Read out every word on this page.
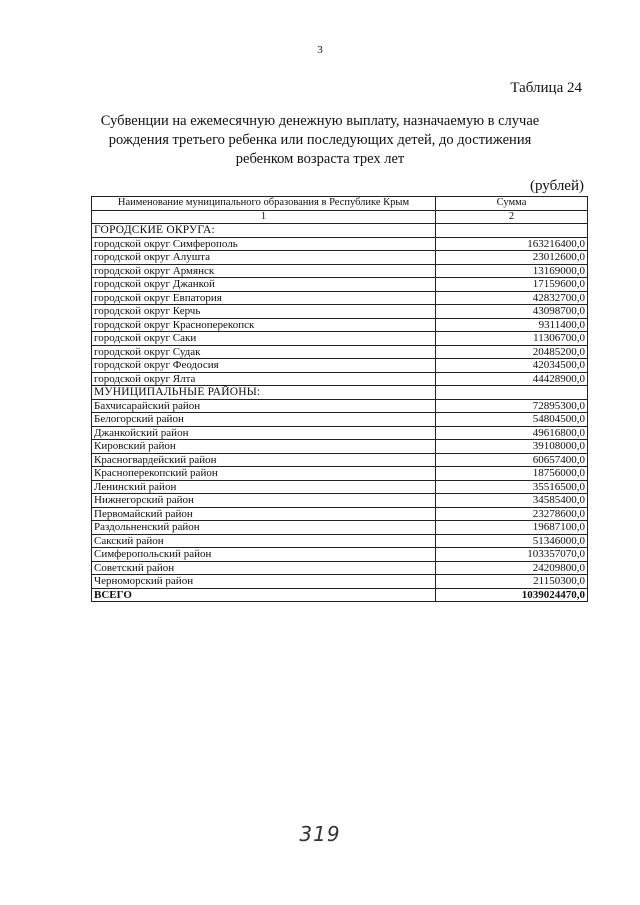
3
Таблица 24
Субвенции на ежемесячную денежную выплату, назначаемую в случае
рождения третьего ребенка или последующих детей, до достижения
ребенком возраста трех лет
(рублей)
Наименование муниципального образования в Республике Крым	Сумма
1	2
ГОРОДСКИЕ ОКРУГА:	
городской округ Симферополь	163216400,0
городской округ Алушта	23012600,0
городской округ Армянск	13169000,0
городской округ Джанкой	17159600,0
городской округ Евпатория	42832700,0
городской округ Керчь	43098700,0
городской округ Красноперекопск	9311400,0
городской округ Саки	11306700,0
городской округ Судак	20485200,0
городской округ Феодосия	42034500,0
городской округ Ялта	44428900,0
МУНИЦИПАЛЬНЫЕ РАЙОНЫ:	
Бахчисарайский район	72895300,0
Белогорский район	54804500,0
Джанкойский район	49616800,0
Кировский район	39108000,0
Красногвардейский район	60657400,0
Красноперекопский район	18756000,0
Ленинский район	35516500,0
Нижнегорский район	34585400,0
Первомайский район	23278600,0
Раздольненский район	19687100,0
Сакский район	51346000,0
Симферопольский район	103357070,0
Советский район	24209800,0
Черноморский район	21150300,0
ВСЕГО	1039024470,0
319
